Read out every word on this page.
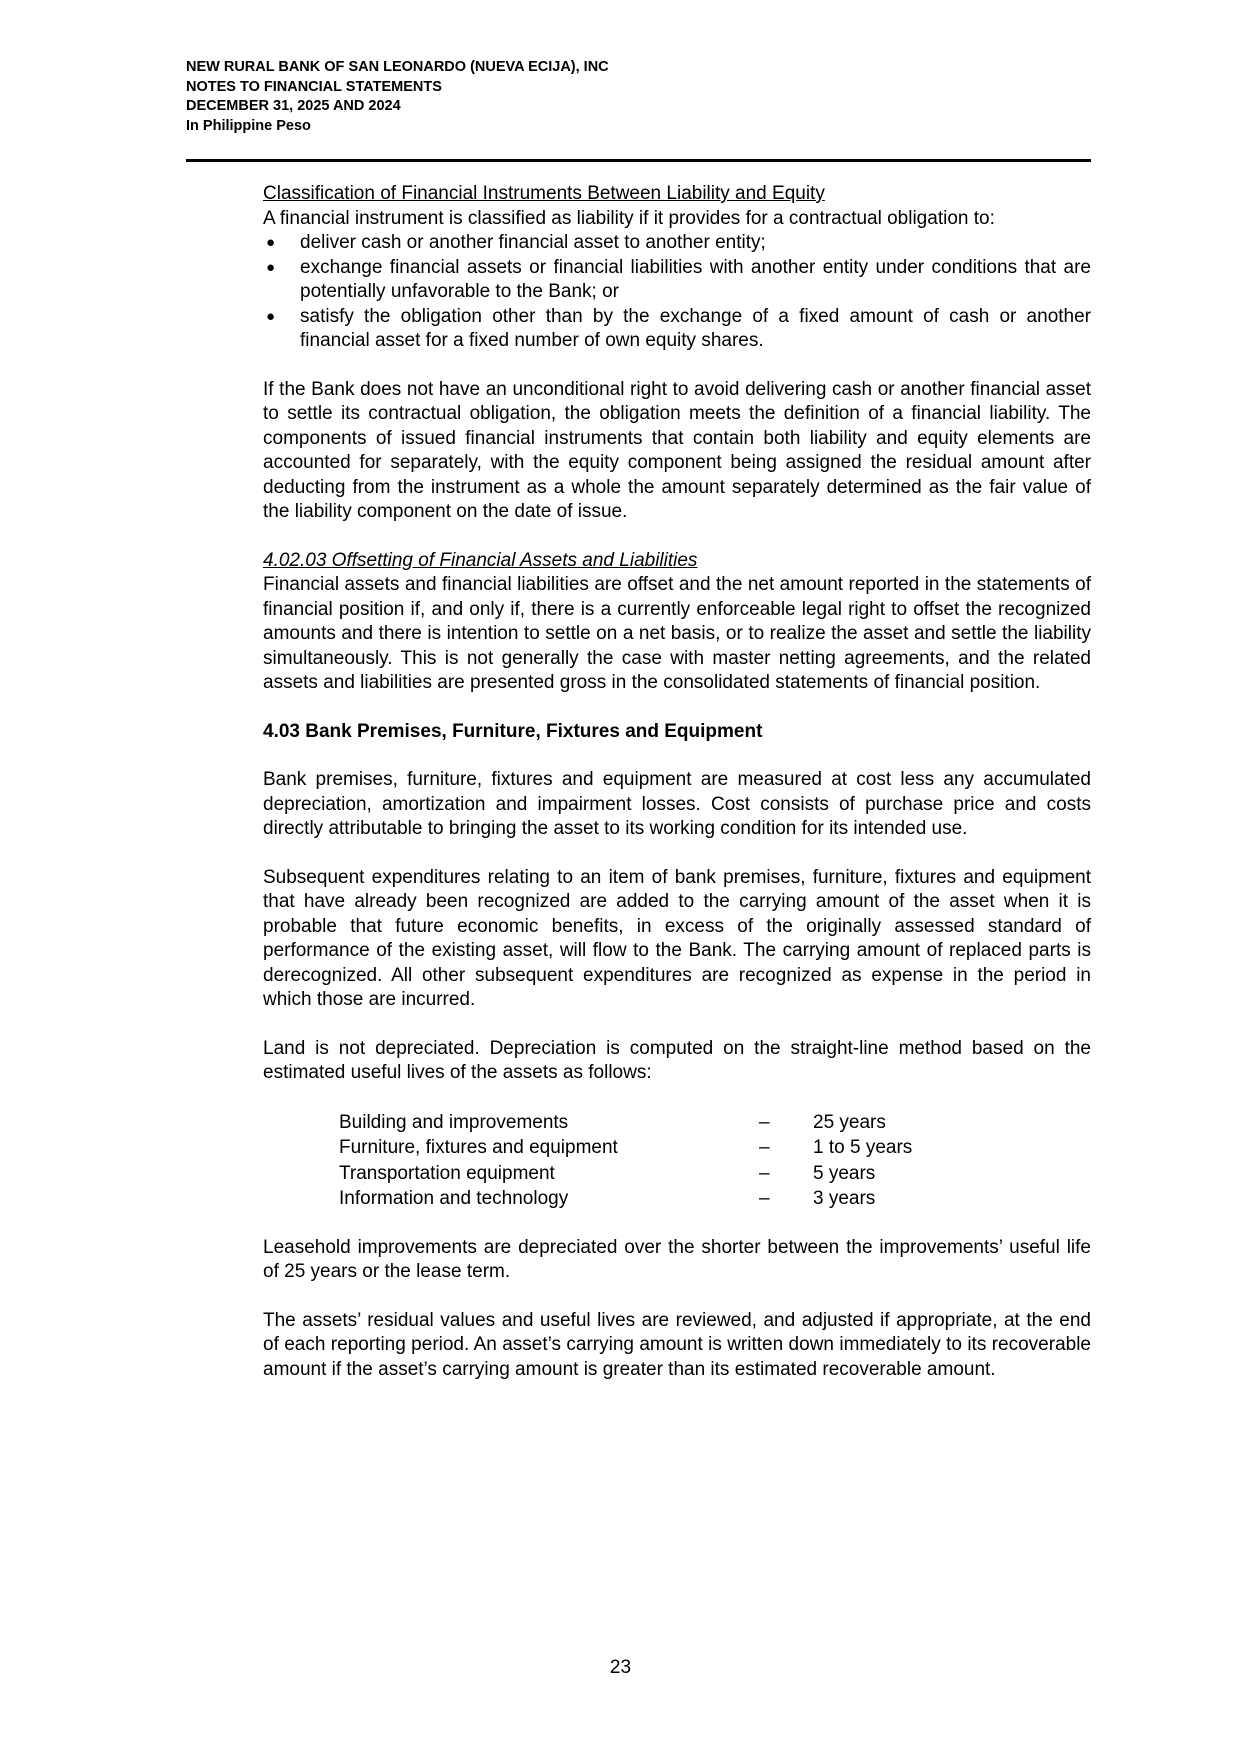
NEW RURAL BANK OF SAN LEONARDO (NUEVA ECIJA), INC
NOTES TO FINANCIAL STATEMENTS
DECEMBER 31, 2025 AND 2024
In Philippine Peso

Classification of Financial Instruments Between Liability and Equity

A financial instrument is classified as liability if it provides for a contractual obligation to:

● deliver cash or another financial asset to another entity;
● exchange financial assets or financial liabilities with another entity under conditions that are potentially unfavorable to the Bank; or
● satisfy the obligation other than by the exchange of a fixed amount of cash or another financial asset for a fixed number of own equity shares.

If the Bank does not have an unconditional right to avoid delivering cash or another financial asset to settle its contractual obligation, the obligation meets the definition of a financial liability. The components of issued financial instruments that contain both liability and equity elements are accounted for separately, with the equity component being assigned the residual amount after deducting from the instrument as a whole the amount separately determined as the fair value of the liability component on the date of issue.

4.02.03 Offsetting of Financial Assets and Liabilities

Financial assets and financial liabilities are offset and the net amount reported in the statements of financial position if, and only if, there is a currently enforceable legal right to offset the recognized amounts and there is intention to settle on a net basis, or to realize the asset and settle the liability simultaneously. This is not generally the case with master netting agreements, and the related assets and liabilities are presented gross in the consolidated statements of financial position.

4.03 Bank Premises, Furniture, Fixtures and Equipment

Bank premises, furniture, fixtures and equipment are measured at cost less any accumulated depreciation, amortization and impairment losses. Cost consists of purchase price and costs directly attributable to bringing the asset to its working condition for its intended use.

Subsequent expenditures relating to an item of bank premises, furniture, fixtures and equipment that have already been recognized are added to the carrying amount of the asset when it is probable that future economic benefits, in excess of the originally assessed standard of performance of the existing asset, will flow to the Bank. The carrying amount of replaced parts is derecognized. All other subsequent expenditures are recognized as expense in the period in which those are incurred.

Land is not depreciated. Depreciation is computed on the straight-line method based on the estimated useful lives of the assets as follows:

Building and improvements	–	25 years
Furniture, fixtures and equipment	–	1 to 5 years
Transportation equipment	–	5 years
Information and technology	–	3 years

Leasehold improvements are depreciated over the shorter between the improvements’ useful life of 25 years or the lease term.

The assets’ residual values and useful lives are reviewed, and adjusted if appropriate, at the end of each reporting period. An asset’s carrying amount is written down immediately to its recoverable amount if the asset’s carrying amount is greater than its estimated recoverable amount.

23
